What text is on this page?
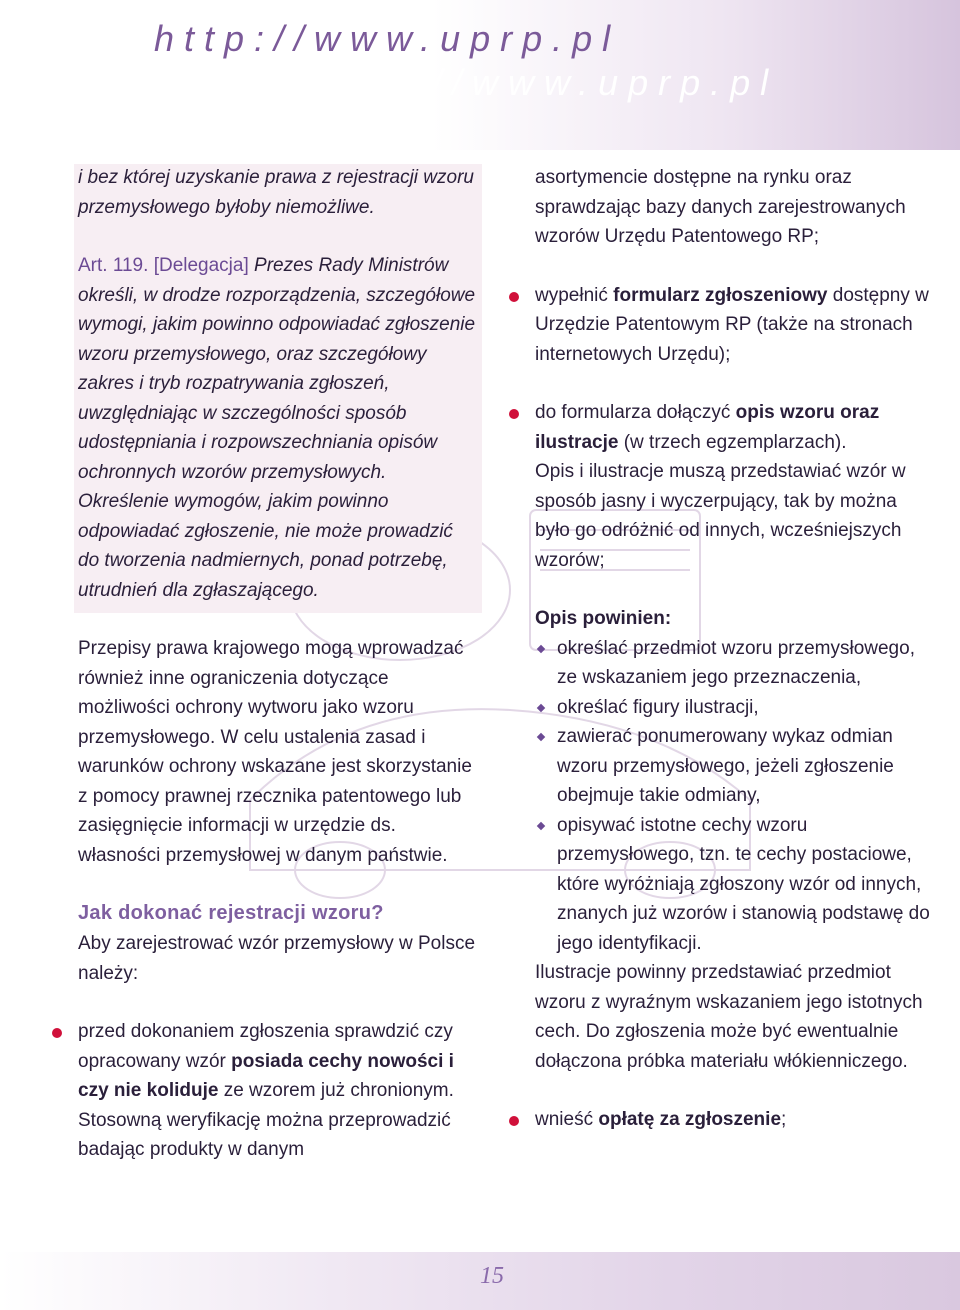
http://www.uprp.pl
http://www.uprp.pl

i bez której uzyskanie prawa z rejestracji wzoru przemysłowego byłoby niemożliwe.

Art. 119. [Delegacja] Prezes Rady Ministrów określi, w drodze rozporządzenia, szczegółowe wymogi, jakim powinno odpowiadać zgłoszenie wzoru przemysłowego, oraz szczegółowy zakres i tryb rozpatrywania zgłoszeń, uwzględniając w szczególności sposób udostępniania i rozpowszechniania opisów ochronnych wzorów przemysłowych. Określenie wymogów, jakim powinno odpowiadać zgłoszenie, nie może prowadzić do tworzenia nadmiernych, ponad potrzebę, utrudnień dla zgłaszającego.

Przepisy prawa krajowego mogą wprowadzać również inne ograniczenia dotyczące możliwości ochrony wytworu jako wzoru przemysłowego. W celu ustalenia zasad i warunków ochrony wskazane jest skorzystanie z pomocy prawnej rzecznika patentowego lub zasięgnięcie informacji w urzędzie ds. własności przemysłowej w danym państwie.

Jak dokonać rejestracji wzoru?

Aby zarejestrować wzór przemysłowy w Polsce należy:

przed dokonaniem zgłoszenia sprawdzić czy opracowany wzór posiada cechy nowości i czy nie koliduje ze wzorem już chronionym. Stosowną weryfikację można przeprowadzić badając produkty w danym

asortymencie dostępne na rynku oraz sprawdzając bazy danych zarejestrowanych wzorów Urzędu Patentowego RP;

wypełnić formularz zgłoszeniowy dostępny w Urzędzie Patentowym RP (także na stronach internetowych Urzędu);

do formularza dołączyć opis wzoru oraz ilustracje (w trzech egzemplarzach).
Opis i ilustracje muszą przedstawiać wzór w sposób jasny i wyczerpujący, tak by można było go odróżnić od innych, wcześniejszych wzorów;

Opis powinien:

określać przedmiot wzoru przemysłowego, ze wskazaniem jego przeznaczenia,

określać figury ilustracji,

zawierać ponumerowany wykaz odmian wzoru przemysłowego, jeżeli zgłoszenie obejmuje takie odmiany,

opisywać istotne cechy wzoru przemysłowego, tzn. te cechy postaciowe, które wyróżniają zgłoszony wzór od innych, znanych już wzorów i stanowią podstawę do jego identyfikacji.

Ilustracje powinny przedstawiać przedmiot wzoru z wyraźnym wskazaniem jego istotnych cech. Do zgłoszenia może być ewentualnie dołączona próbka materiału włókienniczego.

wnieść opłatę za zgłoszenie;

15
